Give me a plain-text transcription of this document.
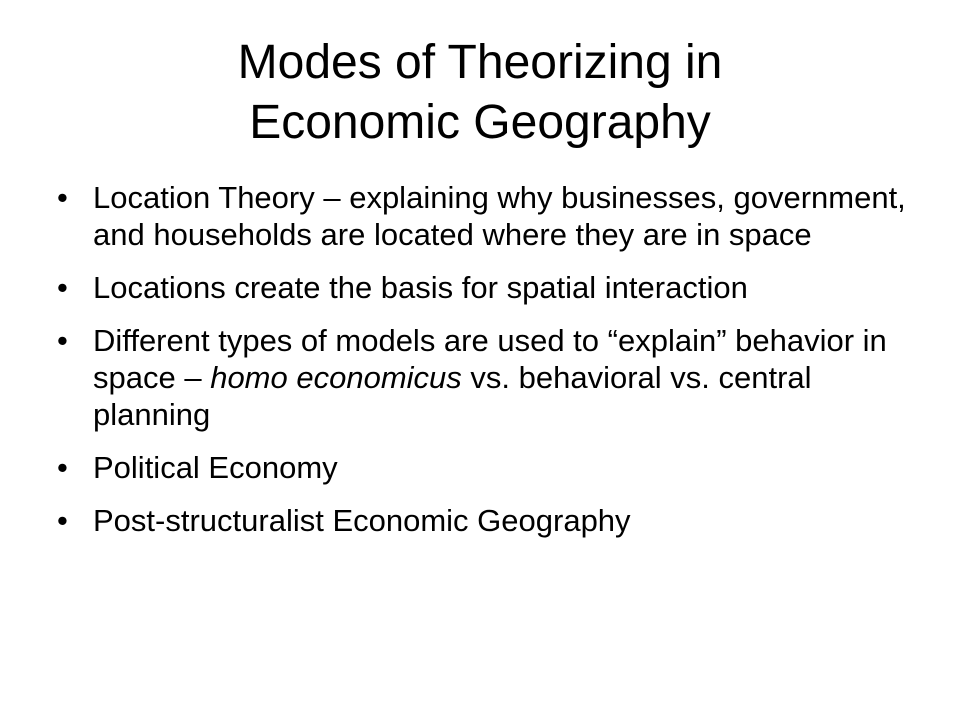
Modes of Theorizing in
Economic Geography
• Location Theory – explaining why businesses, government, and households are located where they are in space
• Locations create the basis for spatial interaction
• Different types of models are used to “explain” behavior in space – homo economicus vs. behavioral vs. central planning
• Political Economy
• Post-structuralist Economic Geography
